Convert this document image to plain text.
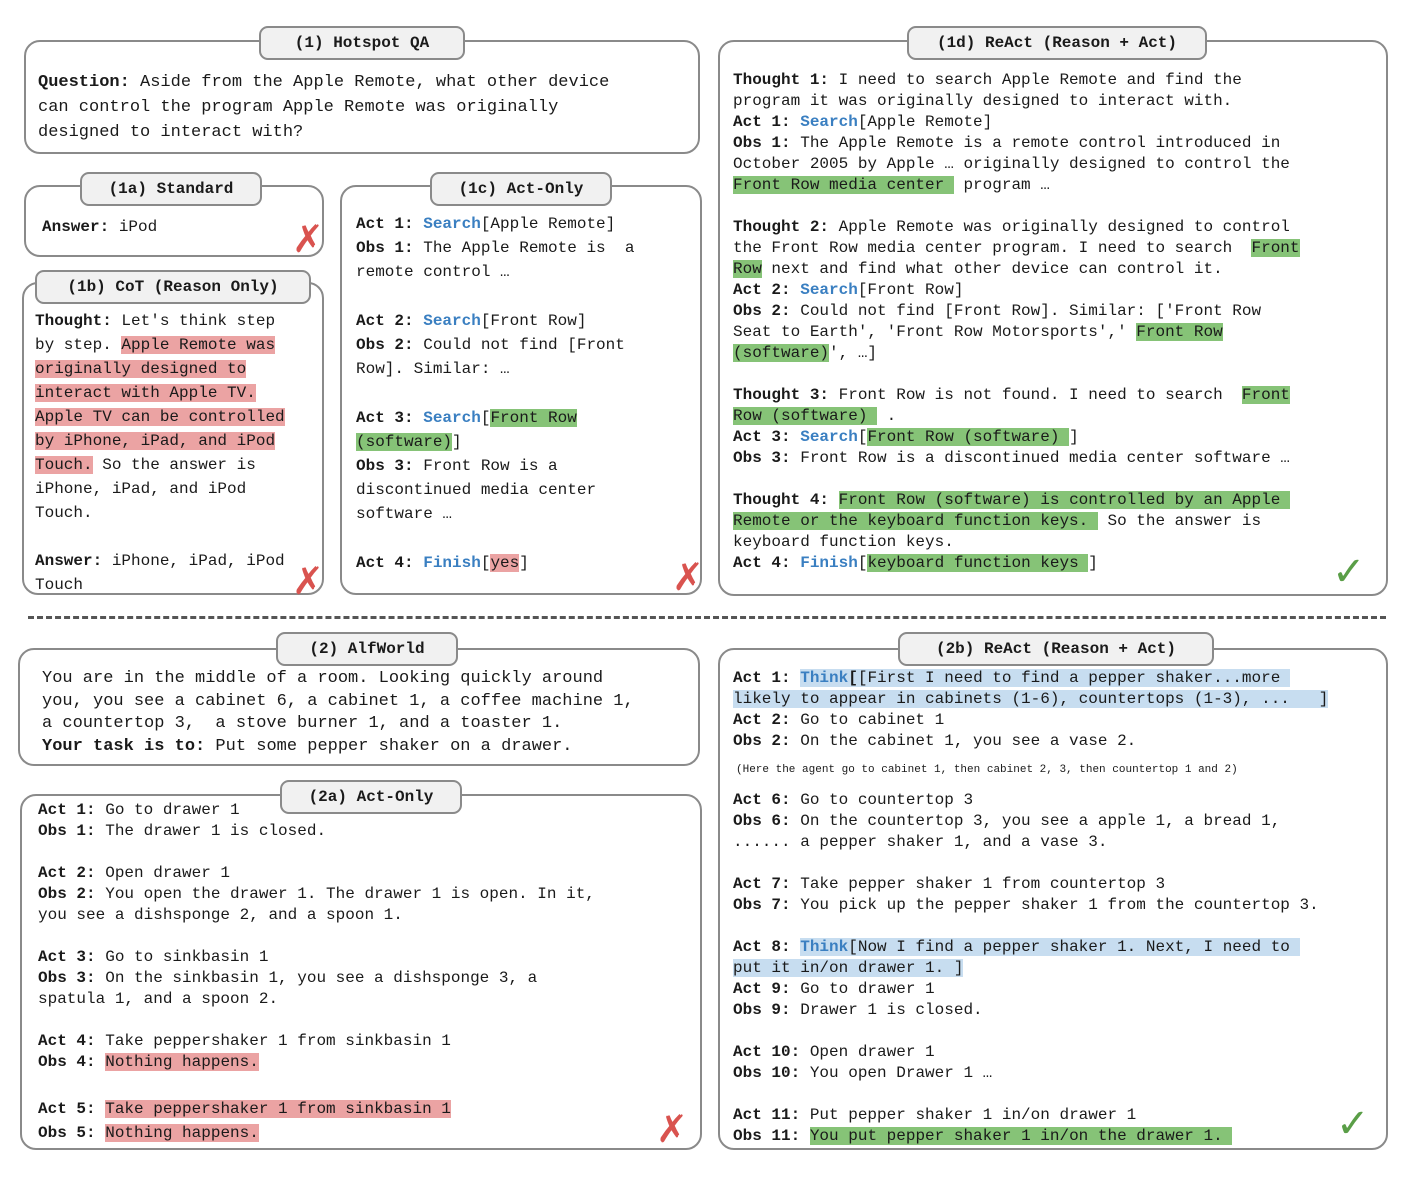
(1) Hotspot QA
Question: Aside from the Apple Remote, what other device
can control the program Apple Remote was originally
designed to interact with?
(1a) Standard
Answer: iPod	✗
(1b) CoT (Reason Only)
Thought: Let's think step
by step. Apple Remote was
originally designed to
interact with Apple TV.
Apple TV can be controlled
by iPhone, iPad, and iPod
Touch. So the answer is
iPhone, iPad, and iPod
Touch.

Answer: iPhone, iPad, iPod
Touch	✗
(1c) Act-Only
Act 1: Search[Apple Remote]
Obs 1: The Apple Remote is  a
remote control …

Act 2: Search[Front Row]
Obs 2: Could not find [Front
Row]. Similar: …

Act 3: Search[Front Row
(software)]
Obs 3: Front Row is a
discontinued media center
software …

Act 4: Finish[yes]	✗
(1d) ReAct (Reason + Act)
Thought 1: I need to search Apple Remote and find the
program it was originally designed to interact with.
Act 1: Search[Apple Remote]
Obs 1: The Apple Remote is a remote control introduced in
October 2005 by Apple … originally designed to control the
Front Row media center  program …

Thought 2: Apple Remote was originally designed to control
the Front Row media center program. I need to search  Front
Row next and find what other device can control it.
Act 2: Search[Front Row]
Obs 2: Could not find [Front Row]. Similar: ['Front Row
Seat to Earth', 'Front Row Motorsports',' Front Row
(software)', …]

Thought 3: Front Row is not found. I need to search  Front
Row (software)  .
Act 3: Search[Front Row (software) ]
Obs 3: Front Row is a discontinued media center software …

Thought 4: Front Row (software) is controlled by an Apple
Remote or the keyboard function keys.  So the answer is
keyboard function keys.
Act 4: Finish[keyboard function keys ]	✓
(2) AlfWorld
You are in the middle of a room. Looking quickly around
you, you see a cabinet 6, a cabinet 1, a coffee machine 1,
a countertop 3,  a stove burner 1, and a toaster 1.
Your task is to: Put some pepper shaker on a drawer.
(2a) Act-Only
Act 1: Go to drawer 1
Obs 1: The drawer 1 is closed.

Act 2: Open drawer 1
Obs 2: You open the drawer 1. The drawer 1 is open. In it,
you see a dishsponge 2, and a spoon 1.

Act 3: Go to sinkbasin 1
Obs 3: On the sinkbasin 1, you see a dishsponge 3, a
spatula 1, and a spoon 2.

Act 4: Take peppershaker 1 from sinkbasin 1
Obs 4: Nothing happens.
Act 5: Take peppershaker 1 from sinkbasin 1
Obs 5: Nothing happens.	✗
(2b) ReAct (Reason + Act)
Act 1: Think[[First I need to find a pepper shaker...more
likely to appear in cabinets (1-6), countertops (1-3), ...   ]
Act 2: Go to cabinet 1
Obs 2: On the cabinet 1, you see a vase 2.
(Here the agent go to cabinet 1, then cabinet 2, 3, then countertop 1 and 2)
Act 6: Go to countertop 3
Obs 6: On the countertop 3, you see a apple 1, a bread 1,
...... a pepper shaker 1, and a vase 3.

Act 7: Take pepper shaker 1 from countertop 3
Obs 7: You pick up the pepper shaker 1 from the countertop 3.

Act 8: Think[Now I find a pepper shaker 1. Next, I need to
put it in/on drawer 1. ]
Act 9: Go to drawer 1
Obs 9: Drawer 1 is closed.

Act 10: Open drawer 1
Obs 10: You open Drawer 1 …

Act 11: Put pepper shaker 1 in/on drawer 1
Obs 11: You put pepper shaker 1 in/on the drawer 1.	✓
